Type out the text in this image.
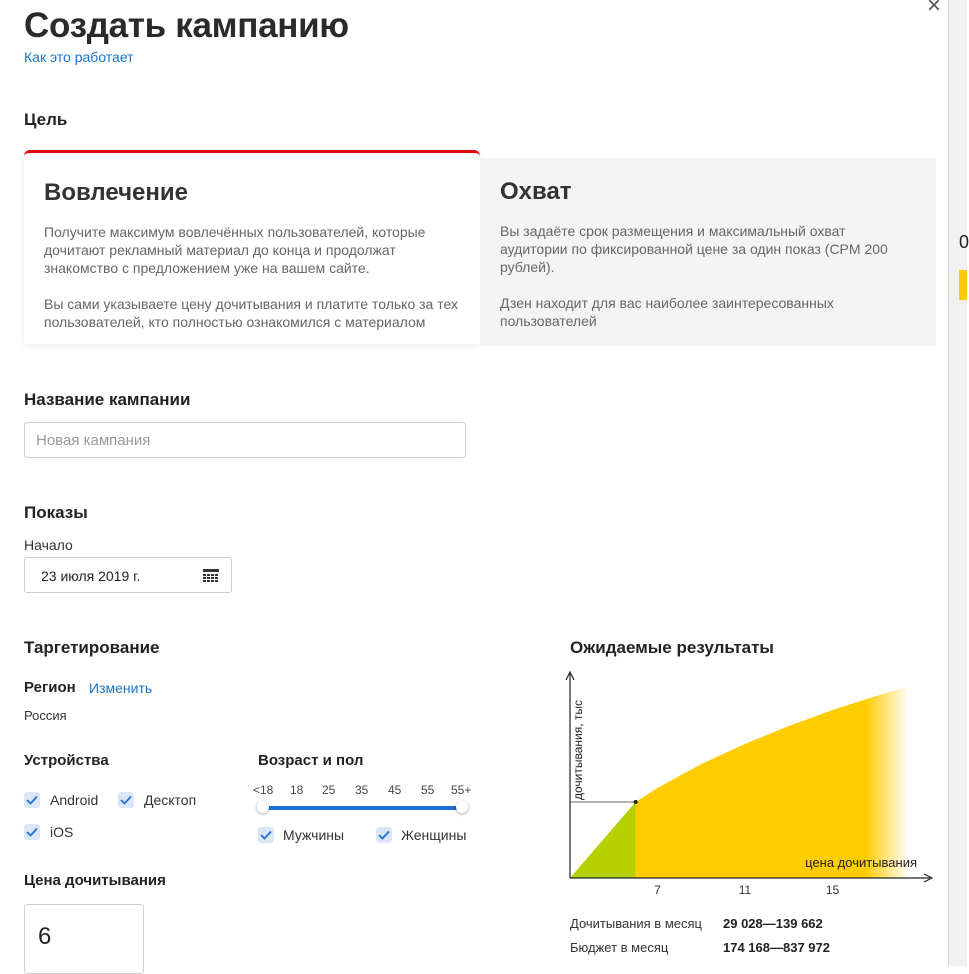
0
×
Создать кампанию
Как это работает
Цель
Вовлечение
Получите максимум вовлечённых пользователей, которые дочитают рекламный материал до конца и продолжат знакомство с предложением уже на вашем сайте.
Вы сами указываете цену дочитывания и платите только за тех пользователей, кто полностью ознакомился с материалом
Охват
Вы задаёте срок размещения и максимальный охват аудитории по фиксированной цене за один показ (CPM 200 рублей).
Дзен находит для вас наиболее заинтересованных пользователей
Название кампании
Новая кампания
Показы
Начало
23 июля 2019 г.
Таргетирование
Регион Изменить
Россия
Устройства
Android	Десктоп
iOS
Возраст и пол
<18 18 25 35 45 55 55+
Мужчины	Женщины
Цена дочитывания
6
Ожидаемые результаты
дочитывания, тыс
цена дочитывания
7	11	15
Дочитывания в месяц 29 028—139 662
Бюджет в месяц	174 168—837 972
